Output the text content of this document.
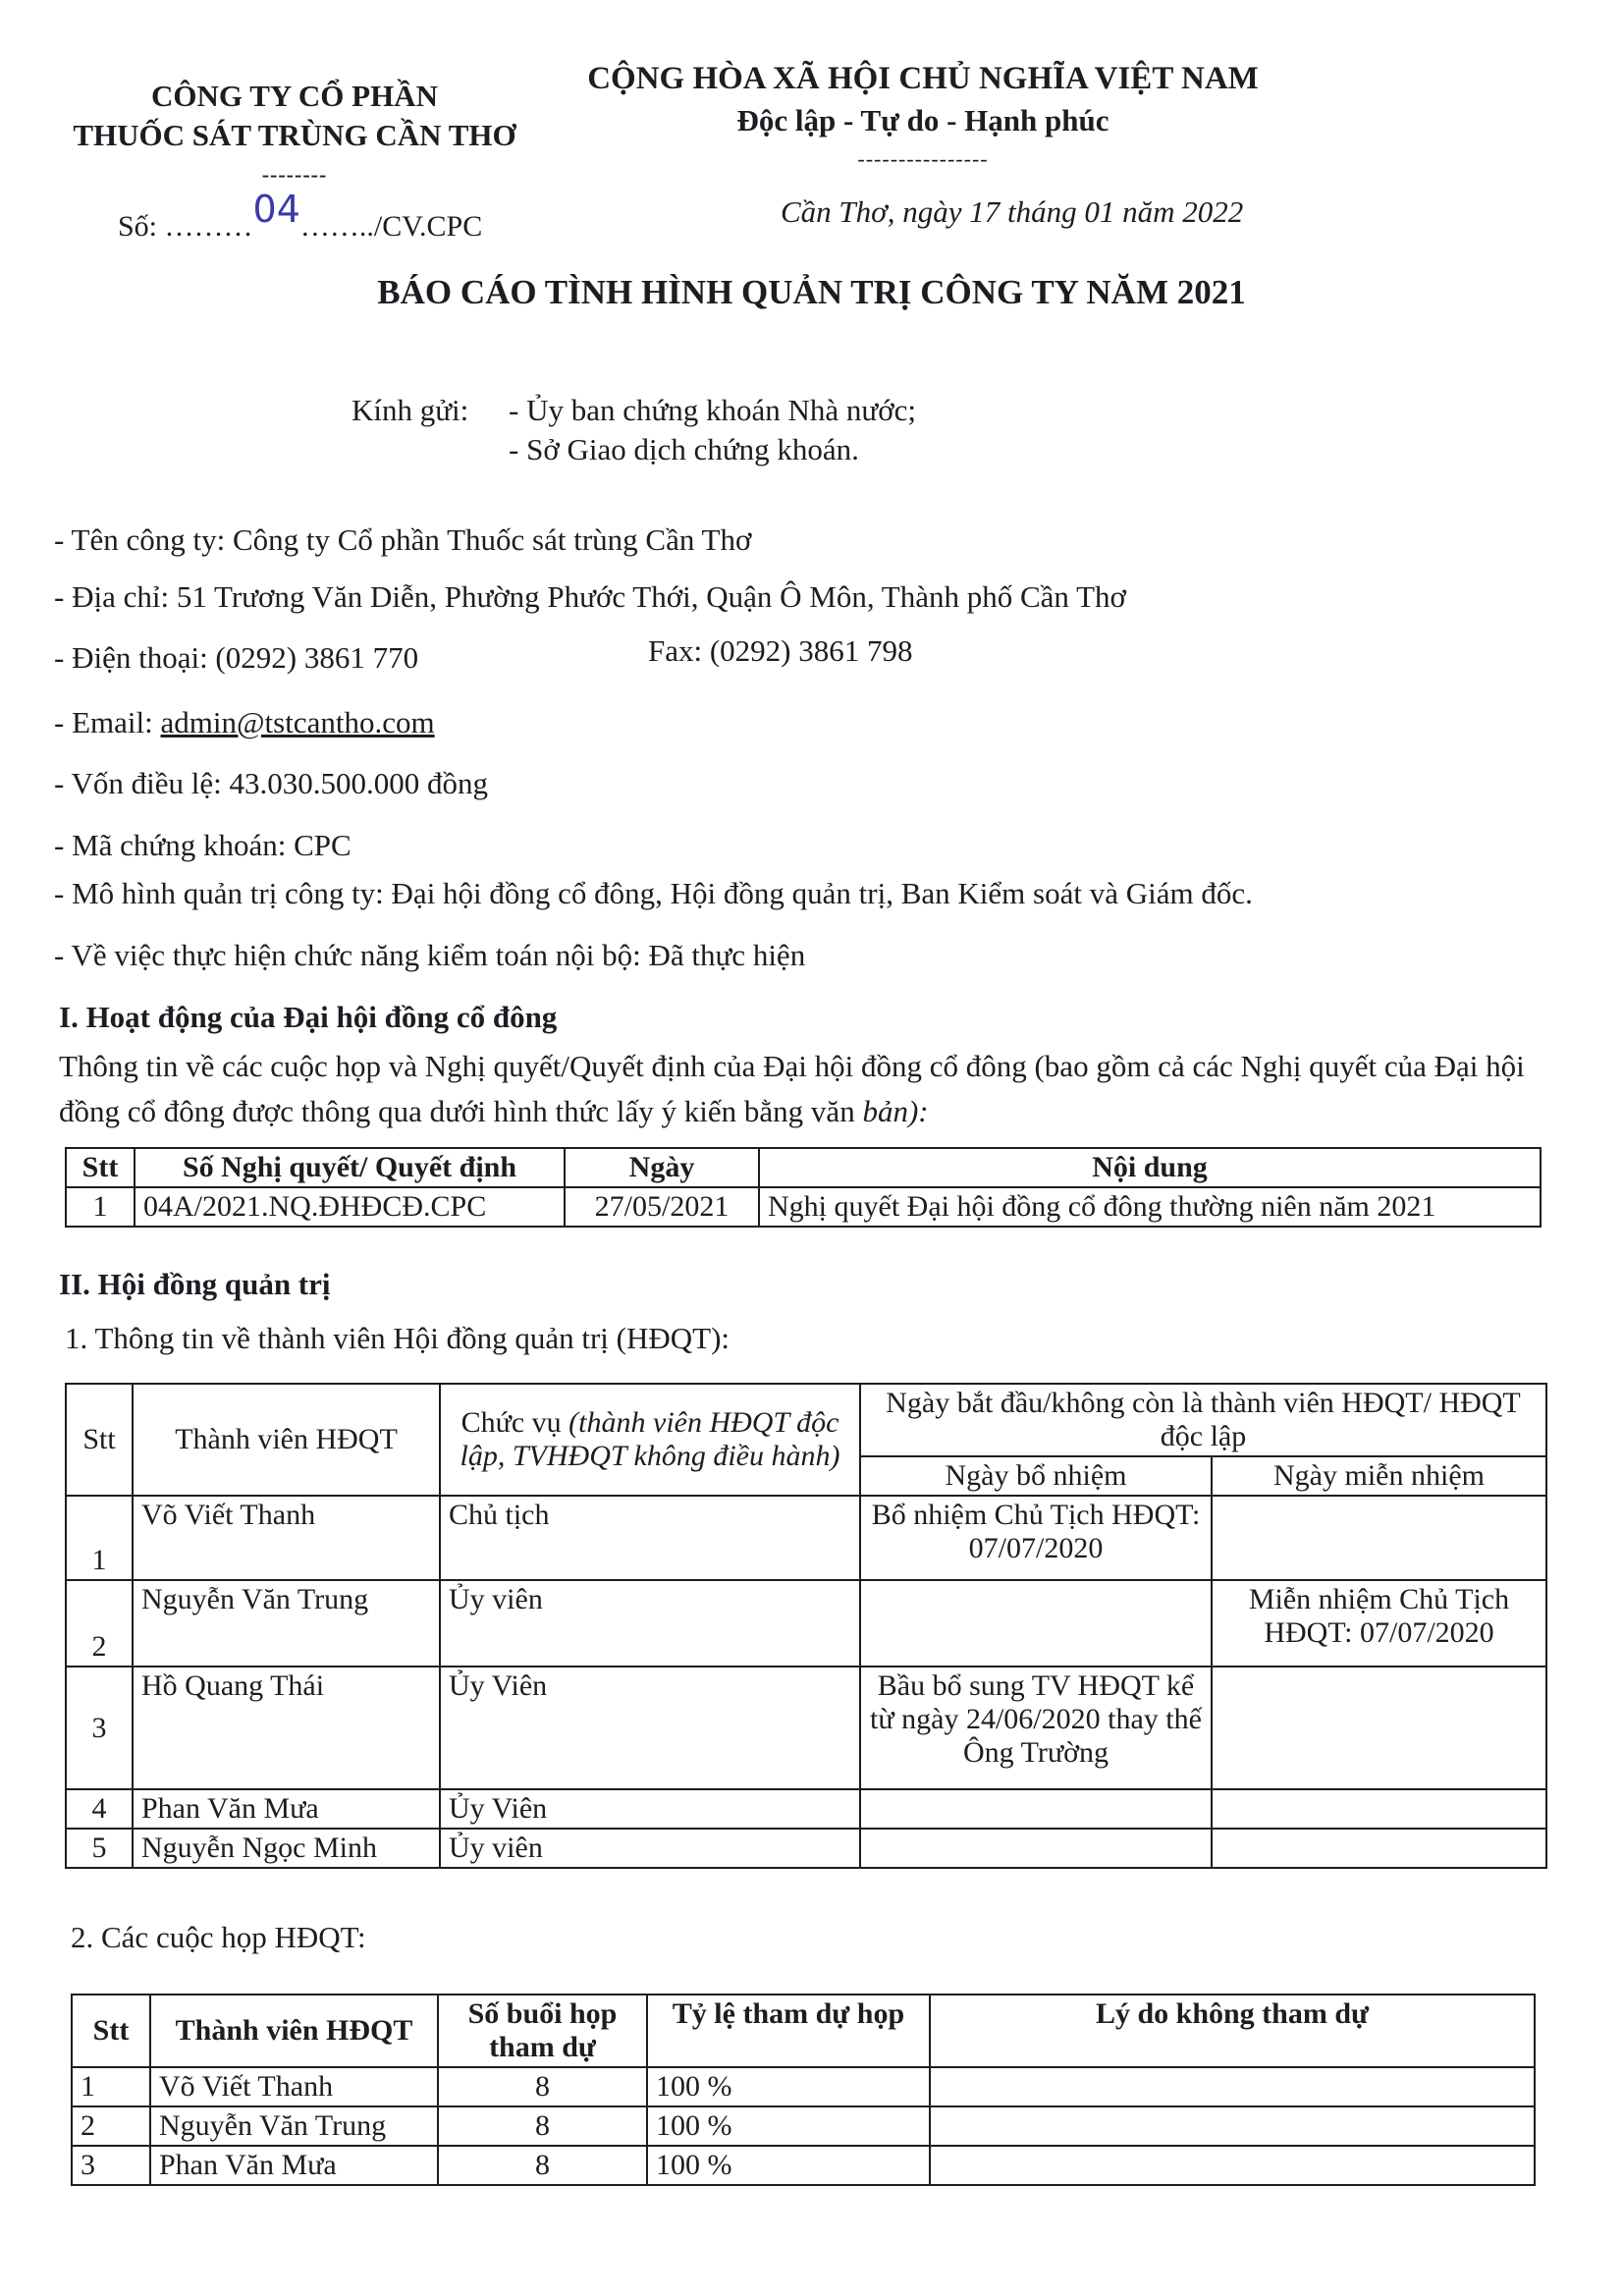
CÔNG TY CỔ PHẦN
THUỐC SÁT TRÙNG CẦN THƠ
--------
CỘNG HÒA XÃ HỘI CHỦ NGHĨA VIỆT NAM
Độc lập - Tự do - Hạnh phúc
----------------
Số: ………04……../CV.CPC	Cần Thơ, ngày 17 tháng 01 năm 2022
BÁO CÁO TÌNH HÌNH QUẢN TRỊ CÔNG TY NĂM 2021
Kính gửi: - Ủy ban chứng khoán Nhà nước;
- Sở Giao dịch chứng khoán.
- Tên công ty: Công ty Cổ phần Thuốc sát trùng Cần Thơ
- Địa chỉ: 51 Trương Văn Diễn, Phường Phước Thới, Quận Ô Môn, Thành phố Cần Thơ
- Điện thoại: (0292) 3861 770	Fax: (0292) 3861 798
- Email: admin@tstcantho.com
- Vốn điều lệ: 43.030.500.000 đồng
- Mã chứng khoán: CPC
- Mô hình quản trị công ty: Đại hội đồng cổ đông, Hội đồng quản trị, Ban Kiểm soát và Giám đốc.
- Về việc thực hiện chức năng kiểm toán nội bộ: Đã thực hiện
I. Hoạt động của Đại hội đồng cổ đông
Thông tin về các cuộc họp và Nghị quyết/Quyết định của Đại hội đồng cổ đông (bao gồm cả các Nghị quyết của Đại hội đồng cổ đông được thông qua dưới hình thức lấy ý kiến bằng văn bản):
Stt	Số Nghị quyết/ Quyết định	Ngày	Nội dung
1	04A/2021.NQ.ĐHĐCĐ.CPC	27/05/2021	Nghị quyết Đại hội đồng cổ đông thường niên năm 2021
II. Hội đồng quản trị
1. Thông tin về thành viên Hội đồng quản trị (HĐQT):
Stt	Thành viên HĐQT	Chức vụ (thành viên HĐQT độc lập, TVHĐQT không điều hành)	Ngày bắt đầu/không còn là thành viên HĐQT/ HĐQT độc lập	
			Ngày bổ nhiệm	Ngày miễn nhiệm
1	Võ Viết Thanh	Chủ tịch	Bổ nhiệm Chủ Tịch HĐQT: 07/07/2020	
2	Nguyễn Văn Trung	Ủy viên		Miễn nhiệm Chủ Tịch HĐQT: 07/07/2020
3	Hồ Quang Thái	Ủy Viên	Bầu bổ sung TV HĐQT kể từ ngày 24/06/2020 thay thế Ông Trường	
4	Phan Văn Mưa	Ủy Viên		
5	Nguyễn Ngọc Minh	Ủy viên		
2. Các cuộc họp HĐQT:
Stt	Thành viên HĐQT	Số buổi họp tham dự	Tỷ lệ tham dự họp	Lý do không tham dự
1	Võ Viết Thanh	8	100 %	
2	Nguyễn Văn Trung	8	100 %	
3	Phan Văn Mưa	8	100 %	
